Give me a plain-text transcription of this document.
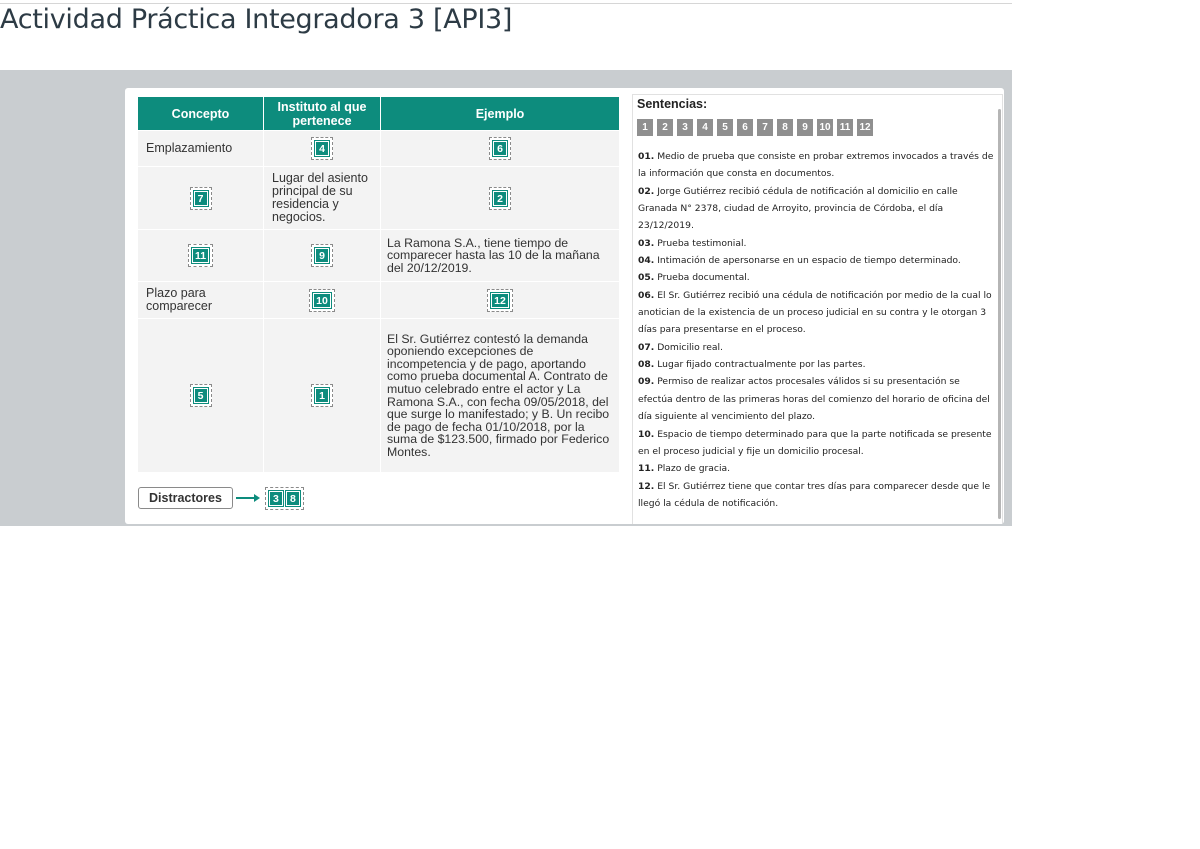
Actividad Práctica Integradora 3 [API3]
Concepto	Instituto al que pertenece	Ejemplo
Emplazamiento	4	6
7	Lugar del asiento principal de su residencia y negocios.	2
11	9	La Ramona S.A., tiene tiempo de comparecer hasta las 10 de la mañana del 20/12/2019.
Plazo para comparecer	10	12
5	1	El Sr. Gutiérrez contestó la demanda oponiendo excepciones de incompetencia y de pago, aportando como prueba documental A. Contrato de mutuo celebrado entre el actor y La Ramona S.A., con fecha 09/05/2018, del que surge lo manifestado; y B. Un recibo de pago de fecha 01/10/2018, por la suma de $123.500, firmado por Federico Montes.
Distractores	3	8
Sentencias:
1	2	3	4	5	6	7	8	9	10 11 12
01. Medio de prueba que consiste en probar extremos invocados a través de la información que consta en documentos.
02. Jorge Gutiérrez recibió cédula de notificación al domicilio en calle Granada N° 2378, ciudad de Arroyito, provincia de Córdoba, el día 23/12/2019.
03. Prueba testimonial.
04. Intimación de apersonarse en un espacio de tiempo determinado.
05. Prueba documental.
06. El Sr. Gutiérrez recibió una cédula de notificación por medio de la cual lo anotician de la existencia de un proceso judicial en su contra y le otorgan 3 días para presentarse en el proceso.
07. Domicilio real.
08. Lugar fijado contractualmente por las partes.
09. Permiso de realizar actos procesales válidos si su presentación se efectúa dentro de las primeras horas del comienzo del horario de oficina del día siguiente al vencimiento del plazo.
10. Espacio de tiempo determinado para que la parte notificada se presente en el proceso judicial y fije un domicilio procesal.
11. Plazo de gracia.
12. El Sr. Gutiérrez tiene que contar tres días para comparecer desde que le llegó la cédula de notificación.
